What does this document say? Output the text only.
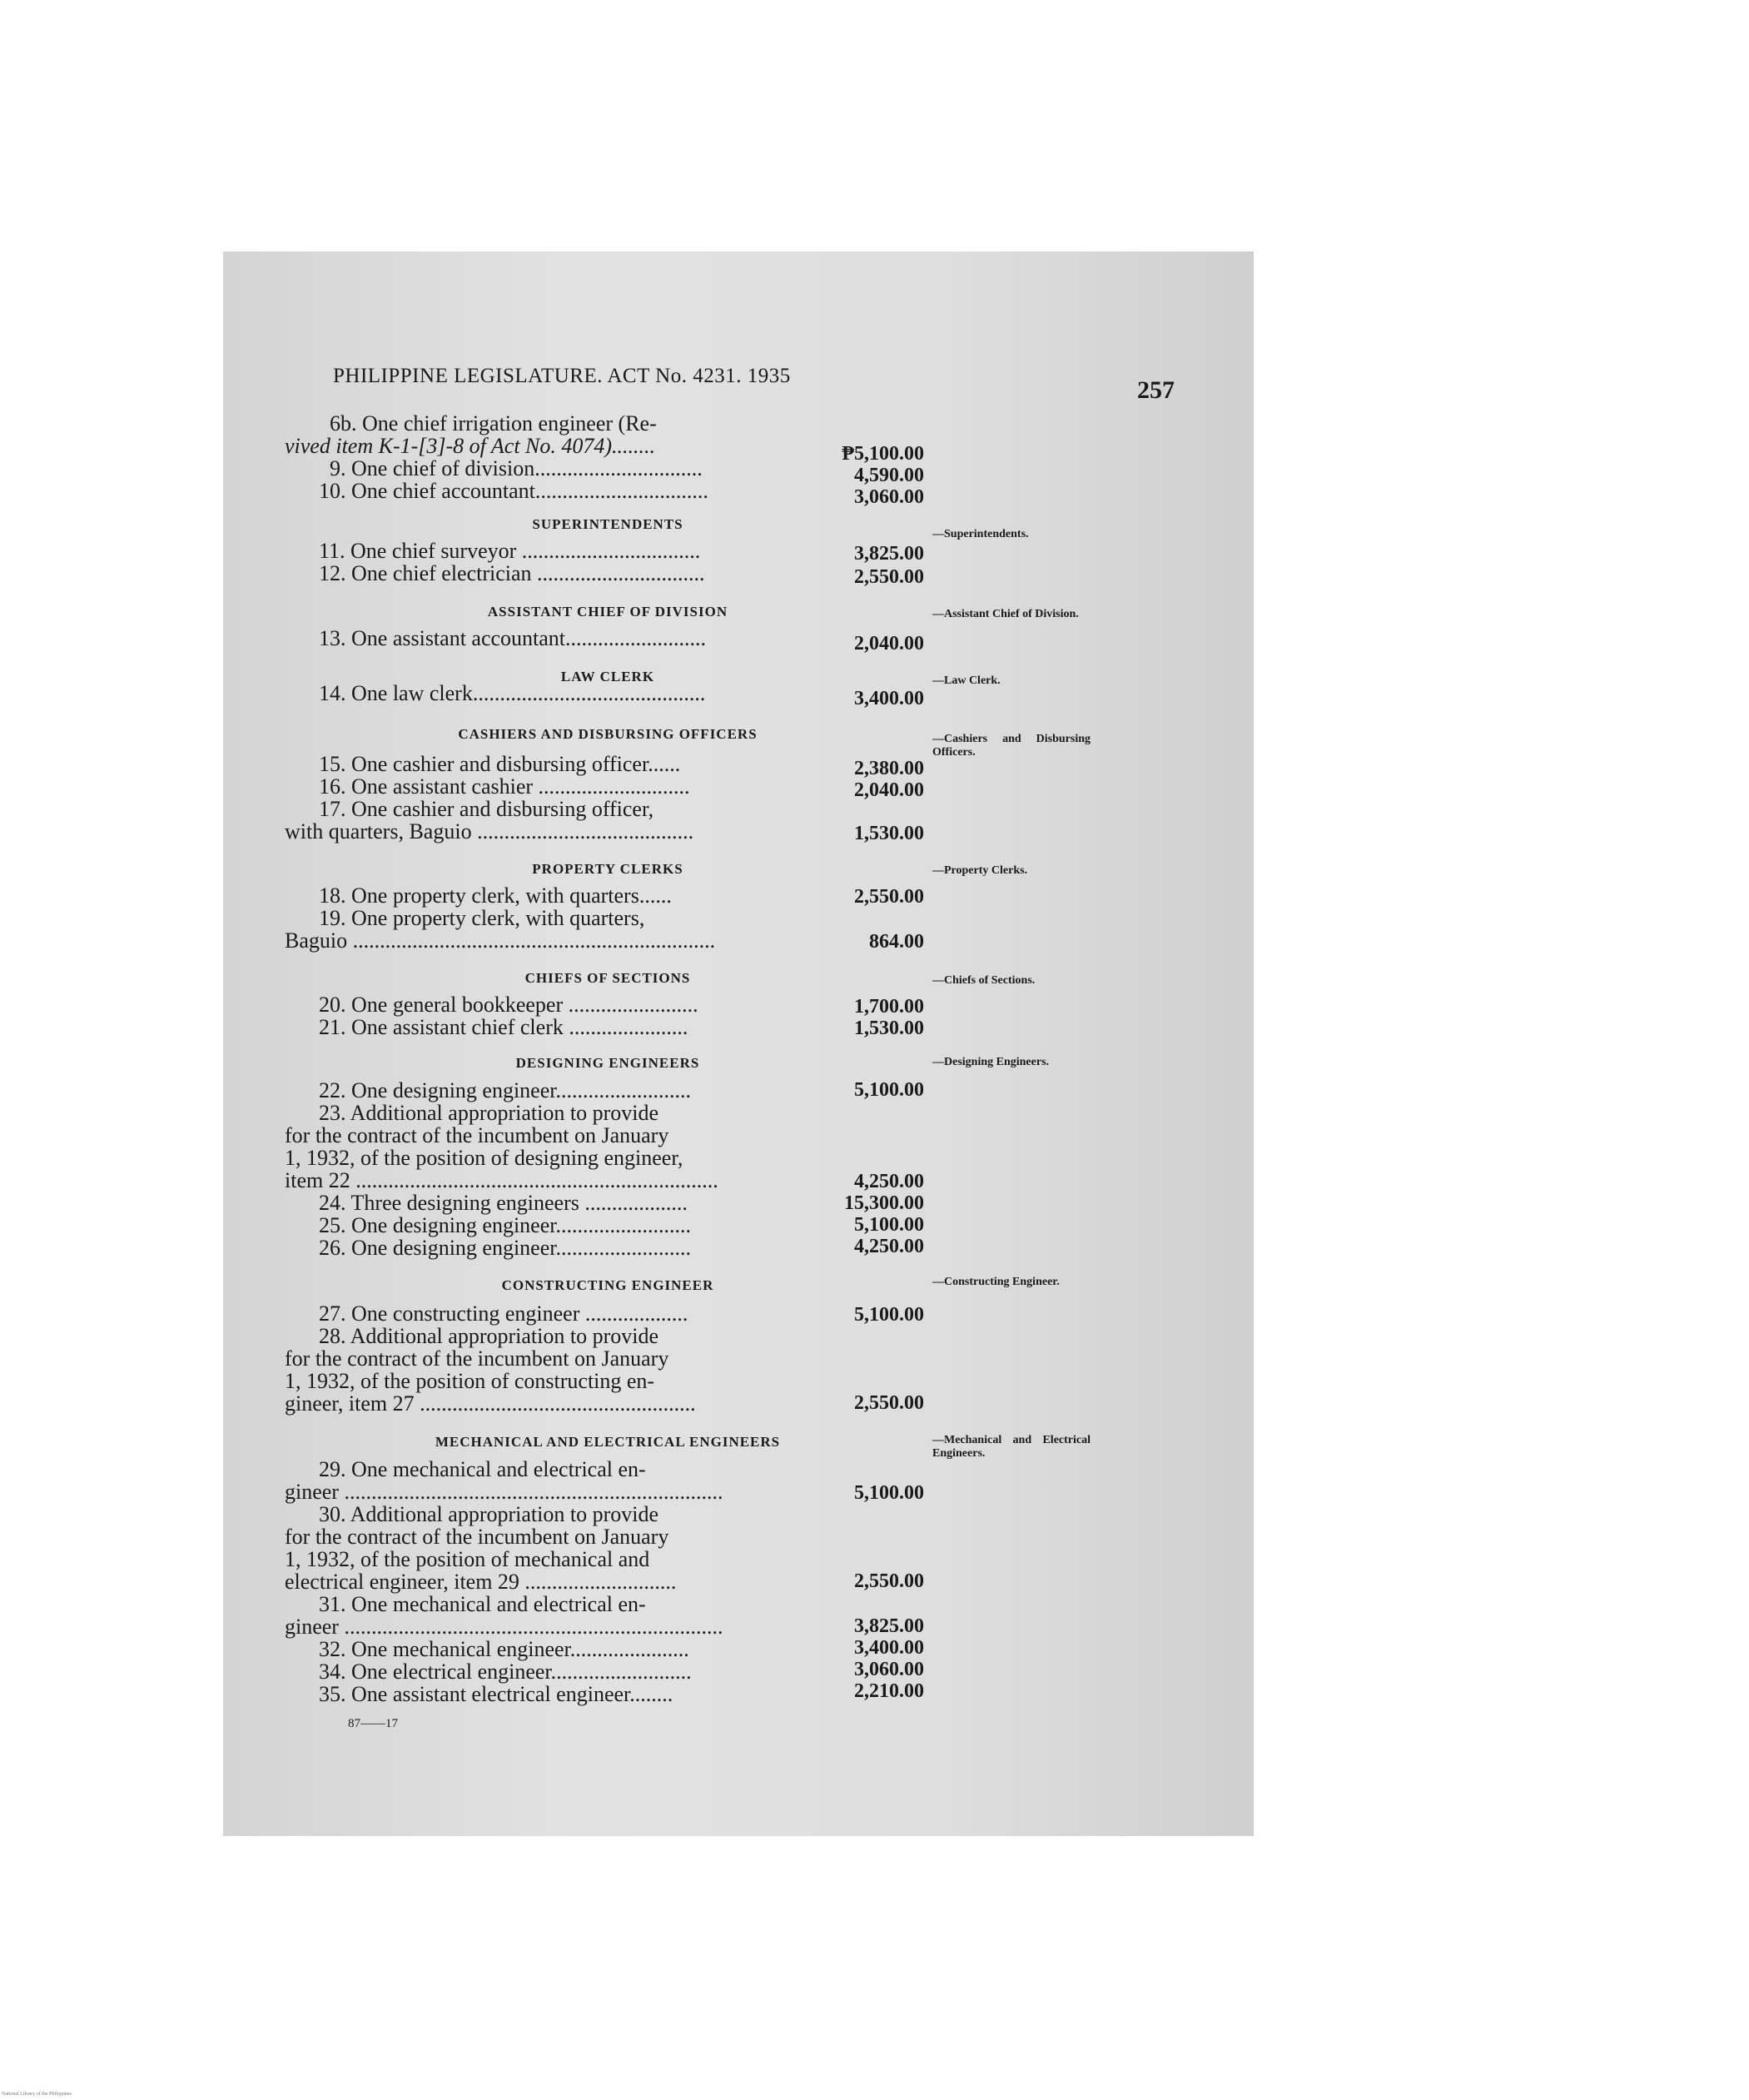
PHILIPPINE LEGISLATURE. ACT No. 4231. 1935
257
6b. One chief irrigation engineer (Re-
vived item K-1-[3]-8 of Act No. 4074)........
9. One chief of division...............................
10. One chief accountant................................
11. One chief surveyor .................................
12. One chief electrician ...............................
13. One assistant accountant..........................
14. One law clerk...........................................
15. One cashier and disbursing officer......
16. One assistant cashier ............................
17. One cashier and disbursing officer,
with quarters, Baguio ........................................
18. One property clerk, with quarters......
19. One property clerk, with quarters,
Baguio ...................................................................
20. One general bookkeeper ........................
21. One assistant chief clerk ......................
22. One designing engineer.........................
23. Additional appropriation to provide
for the contract of the incumbent on January
1, 1932, of the position of designing engineer,
item 22 ...................................................................
24. Three designing engineers ...................
25. One designing engineer.........................
26. One designing engineer.........................
27. One constructing engineer ...................
28. Additional appropriation to provide
for the contract of the incumbent on January
1, 1932, of the position of constructing en-
gineer, item 27 ...................................................
29. One mechanical and electrical en-
gineer ......................................................................
30. Additional appropriation to provide
for the contract of the incumbent on January
1, 1932, of the position of mechanical and
electrical engineer, item 29 ............................
31. One mechanical and electrical en-
gineer ......................................................................
32. One mechanical engineer......................
34. One electrical engineer..........................
35. One assistant electrical engineer........
₱5,100.00
4,590.00
3,060.00
3,825.00
2,550.00
2,040.00
3,400.00
2,380.00
2,040.00
1,530.00
2,550.00
864.00
1,700.00
1,530.00
5,100.00
4,250.00
15,300.00
5,100.00
4,250.00
5,100.00
2,550.00
5,100.00
2,550.00
3,825.00
3,400.00
3,060.00
2,210.00
SUPERINTENDENTS
ASSISTANT CHIEF OF DIVISION
LAW CLERK
CASHIERS AND DISBURSING OFFICERS
PROPERTY CLERKS
CHIEFS OF SECTIONS
DESIGNING ENGINEERS
CONSTRUCTING ENGINEER
MECHANICAL AND ELECTRICAL ENGINEERS
—Superintendents.
—Assistant Chief of Division.
—Law Clerk.
—Cashiers and Disbursing Officers.
—Property Clerks.
—Chiefs of Sections.
—Designing Engineers.
—Constructing Engineer.
—Mechanical and Electrical Engineers.
87——17
National Library of the Philippines
